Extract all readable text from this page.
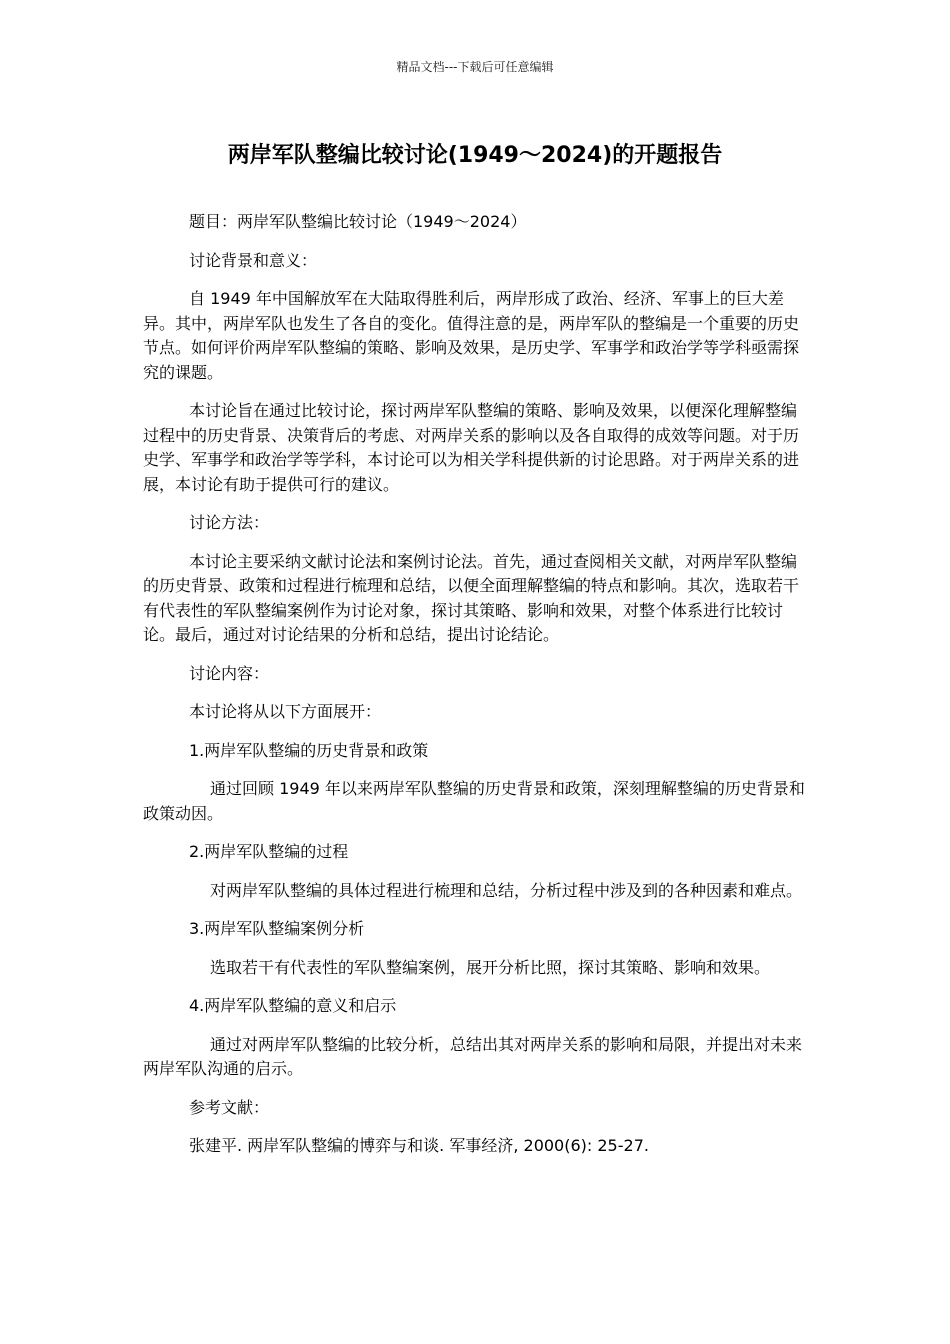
精品文档---下载后可任意编辑

两岸军队整编比较讨论(1949～2024)的开题报告

题目：两岸军队整编比较讨论（1949～2024）

讨论背景和意义：

自 1949 年中国解放军在大陆取得胜利后，两岸形成了政治、经济、军事上的巨大差异。其中，两岸军队也发生了各自的变化。值得注意的是，两岸军队的整编是一个重要的历史节点。如何评价两岸军队整编的策略、影响及效果，是历史学、军事学和政治学等学科亟需探究的课题。

本讨论旨在通过比较讨论，探讨两岸军队整编的策略、影响及效果，以便深化理解整编过程中的历史背景、决策背后的考虑、对两岸关系的影响以及各自取得的成效等问题。对于历史学、军事学和政治学等学科，本讨论可以为相关学科提供新的讨论思路。对于两岸关系的进展，本讨论有助于提供可行的建议。

讨论方法：

本讨论主要采纳文献讨论法和案例讨论法。首先，通过查阅相关文献，对两岸军队整编的历史背景、政策和过程进行梳理和总结，以便全面理解整编的特点和影响。其次，选取若干有代表性的军队整编案例作为讨论对象，探讨其策略、影响和效果，对整个体系进行比较讨论。最后，通过对讨论结果的分析和总结，提出讨论结论。

讨论内容：

本讨论将从以下方面展开：

1.两岸军队整编的历史背景和政策

通过回顾 1949 年以来两岸军队整编的历史背景和政策，深刻理解整编的历史背景和政策动因。

2.两岸军队整编的过程

对两岸军队整编的具体过程进行梳理和总结，分析过程中涉及到的各种因素和难点。

3.两岸军队整编案例分析

选取若干有代表性的军队整编案例，展开分析比照，探讨其策略、影响和效果。

4.两岸军队整编的意义和启示

通过对两岸军队整编的比较分析，总结出其对两岸关系的影响和局限，并提出对未来两岸军队沟通的启示。

参考文献：

张建平. 两岸军队整编的博弈与和谈. 军事经济, 2000(6): 25-27.
